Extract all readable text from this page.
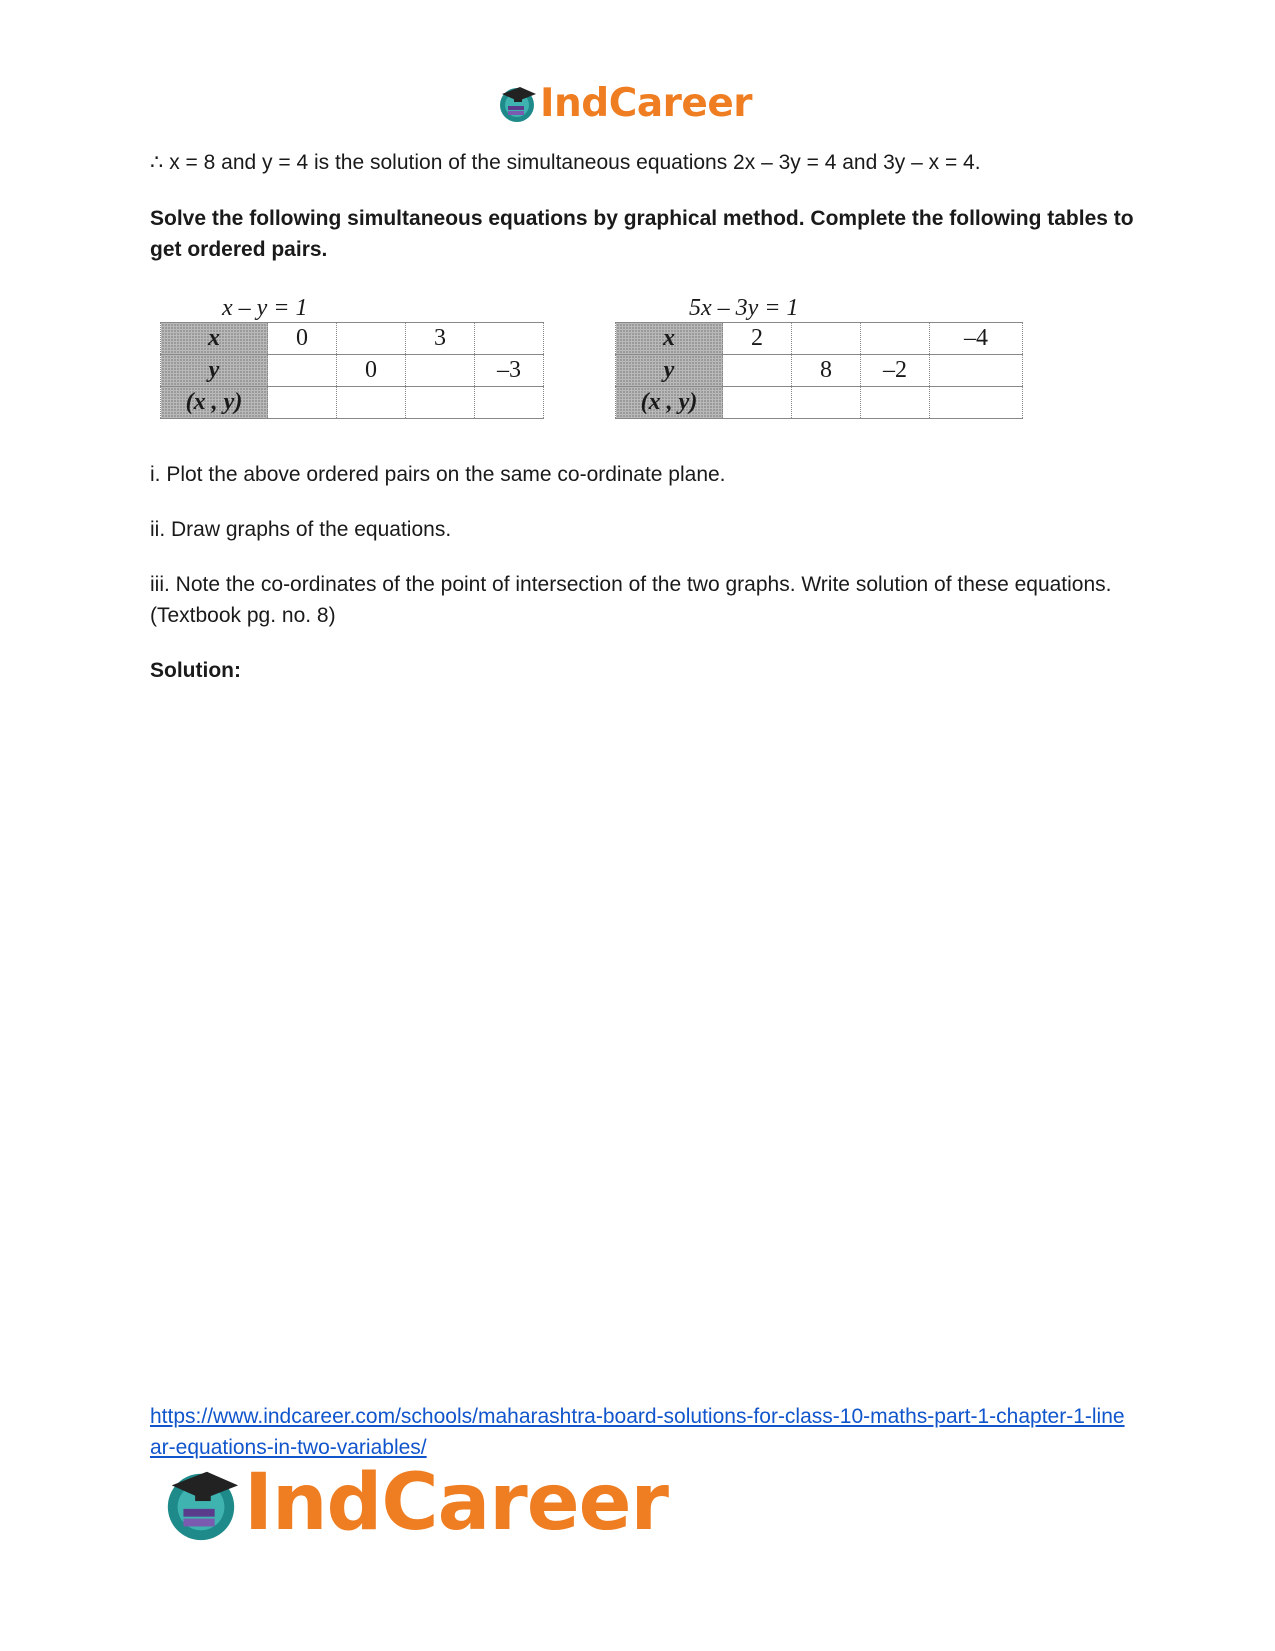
IndCareer
∴ x = 8 and y = 4 is the solution of the simultaneous equations 2x – 3y = 4 and 3y – x = 4.
Solve the following simultaneous equations by graphical method. Complete the following tables to get ordered pairs.
x – y = 1
x	0		3	
y		0		–3
(x , y)				
5x – 3y = 1
x	2			–4
y		8	–2	
(x , y)				
i. Plot the above ordered pairs on the same co-ordinate plane.
ii. Draw graphs of the equations.
iii. Note the co-ordinates of the point of intersection of the two graphs. Write solution of these equations. (Textbook pg. no. 8)
Solution:
https://www.indcareer.com/schools/maharashtra-board-solutions-for-class-10-maths-part-1-chapter-1-linear-equations-in-two-variables/
IndCareer
